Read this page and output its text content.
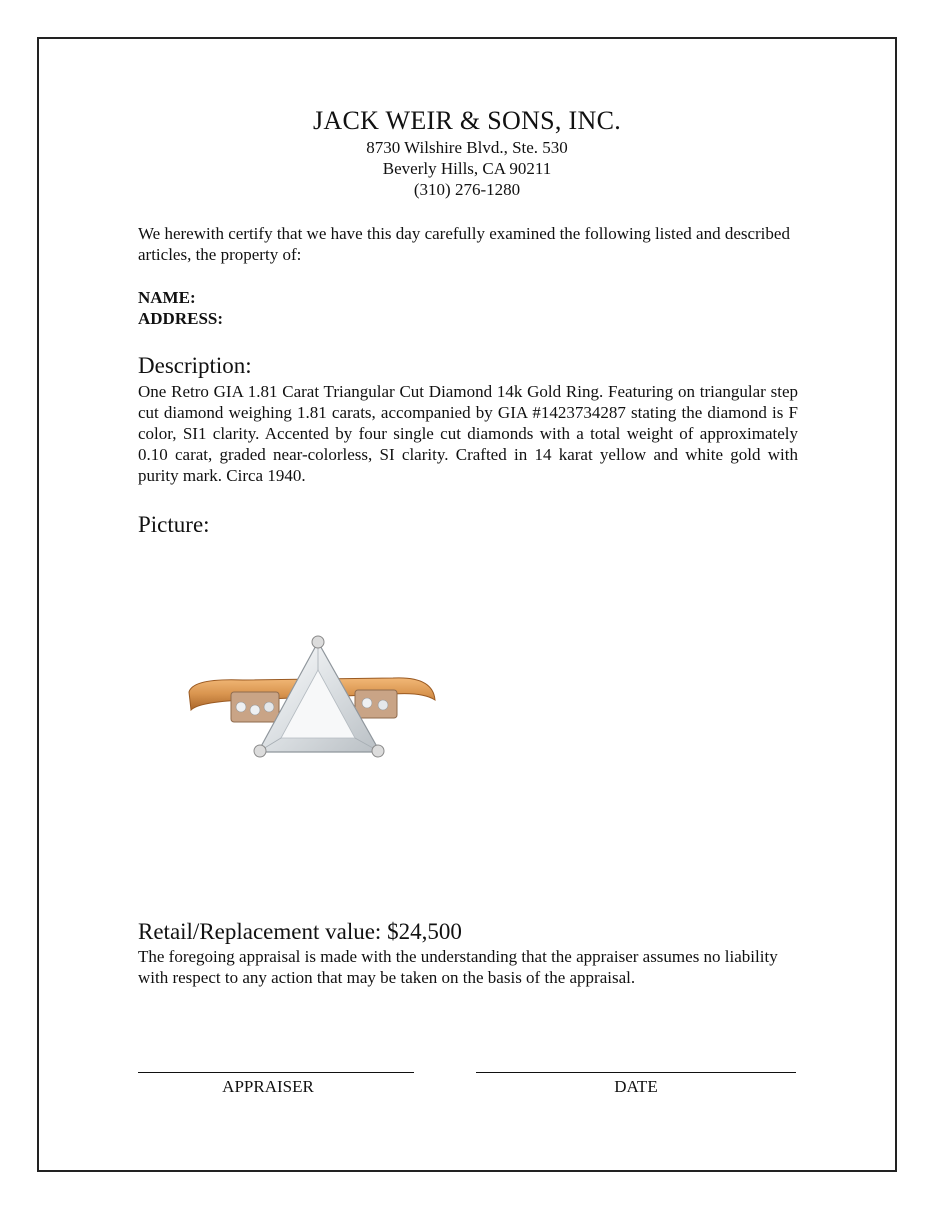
JACK WEIR & SONS, INC.
8730 Wilshire Blvd., Ste. 530
Beverly Hills, CA 90211
(310) 276-1280
We herewith certify that we have this day carefully examined the following listed and described articles, the property of:
NAME:
ADDRESS:
Description:
One Retro GIA 1.81 Carat Triangular Cut Diamond 14k Gold Ring. Featuring on triangular step cut diamond weighing 1.81 carats, accompanied by GIA #1423734287 stating the diamond is F color, SI1 clarity. Accented by four single cut diamonds with a total weight of approximately 0.10 carat, graded near-colorless, SI clarity. Crafted in 14 karat yellow and white gold with purity mark. Circa 1940.
Picture:
Retail/Replacement value: $24,500
The foregoing appraisal is made with the understanding that the appraiser assumes no liability with respect to any action that may be taken on the basis of the appraisal.
APPRAISER	DATE
